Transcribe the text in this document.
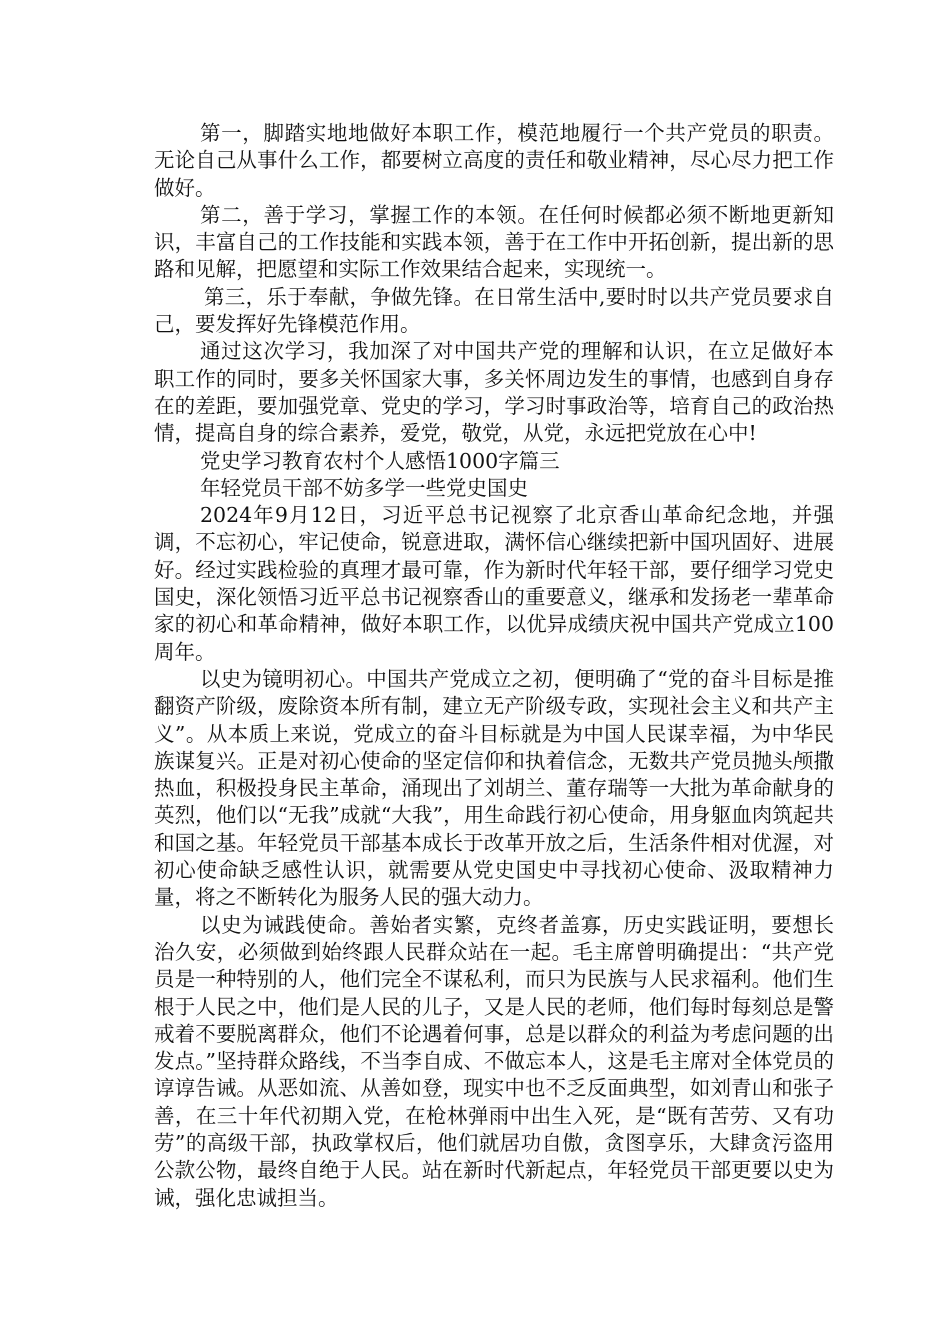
第一，脚踏实地地做好本职工作，模范地履行一个共产党员的职责。无论自己从事什么工作，都要树立高度的责任和敬业精神，尽心尽力把工作做好。

第二，善于学习，掌握工作的本领。在任何时候都必须不断地更新知识，丰富自己的工作技能和实践本领，善于在工作中开拓创新，提出新的思路和见解，把愿望和实际工作效果结合起来，实现统一。

第三，乐于奉献，争做先锋。在日常生活中,要时时以共产党员要求自己，要发挥好先锋模范作用。

通过这次学习，我加深了对中国共产党的理解和认识，在立足做好本职工作的同时，要多关怀国家大事，多关怀周边发生的事情，也感到自身存在的差距，要加强党章、党史的学习，学习时事政治等，培育自己的政治热情，提高自身的综合素养，爱党，敬党，从党，永远把党放在心中!

党史学习教育农村个人感悟1000字篇三

年轻党员干部不妨多学一些党史国史

2024年9月12日，习近平总书记视察了北京香山革命纪念地，并强调，不忘初心，牢记使命，锐意进取，满怀信心继续把新中国巩固好、进展好。经过实践检验的真理才最可靠，作为新时代年轻干部，要仔细学习党史国史，深化领悟习近平总书记视察香山的重要意义，继承和发扬老一辈革命家的初心和革命精神，做好本职工作，以优异成绩庆祝中国共产党成立100周年。

以史为镜明初心。中国共产党成立之初，便明确了“党的奋斗目标是推翻资产阶级，废除资本所有制，建立无产阶级专政，实现社会主义和共产主义”。从本质上来说，党成立的奋斗目标就是为中国人民谋幸福，为中华民族谋复兴。正是对初心使命的坚定信仰和执着信念，无数共产党员抛头颅撒热血，积极投身民主革命，涌现出了刘胡兰、董存瑞等一大批为革命献身的英烈，他们以“无我”成就“大我”，用生命践行初心使命，用身躯血肉筑起共和国之基。年轻党员干部基本成长于改革开放之后，生活条件相对优渥，对初心使命缺乏感性认识，就需要从党史国史中寻找初心使命、汲取精神力量，将之不断转化为服务人民的强大动力。

以史为诫践使命。善始者实繁，克终者盖寡，历史实践证明，要想长治久安，必须做到始终跟人民群众站在一起。毛主席曾明确提出：“共产党员是一种特别的人，他们完全不谋私利，而只为民族与人民求福利。他们生根于人民之中，他们是人民的儿子，又是人民的老师，他们每时每刻总是警戒着不要脱离群众，他们不论遇着何事，总是以群众的利益为考虑问题的出发点。”坚持群众路线，不当李自成、不做忘本人，这是毛主席对全体党员的谆谆告诫。从恶如流、从善如登，现实中也不乏反面典型，如刘青山和张子善，在三十年代初期入党，在枪林弹雨中出生入死，是“既有苦劳、又有功劳”的高级干部，执政掌权后，他们就居功自傲，贪图享乐，大肆贪污盗用公款公物，最终自绝于人民。站在新时代新起点，年轻党员干部更要以史为诫，强化忠诚担当。
